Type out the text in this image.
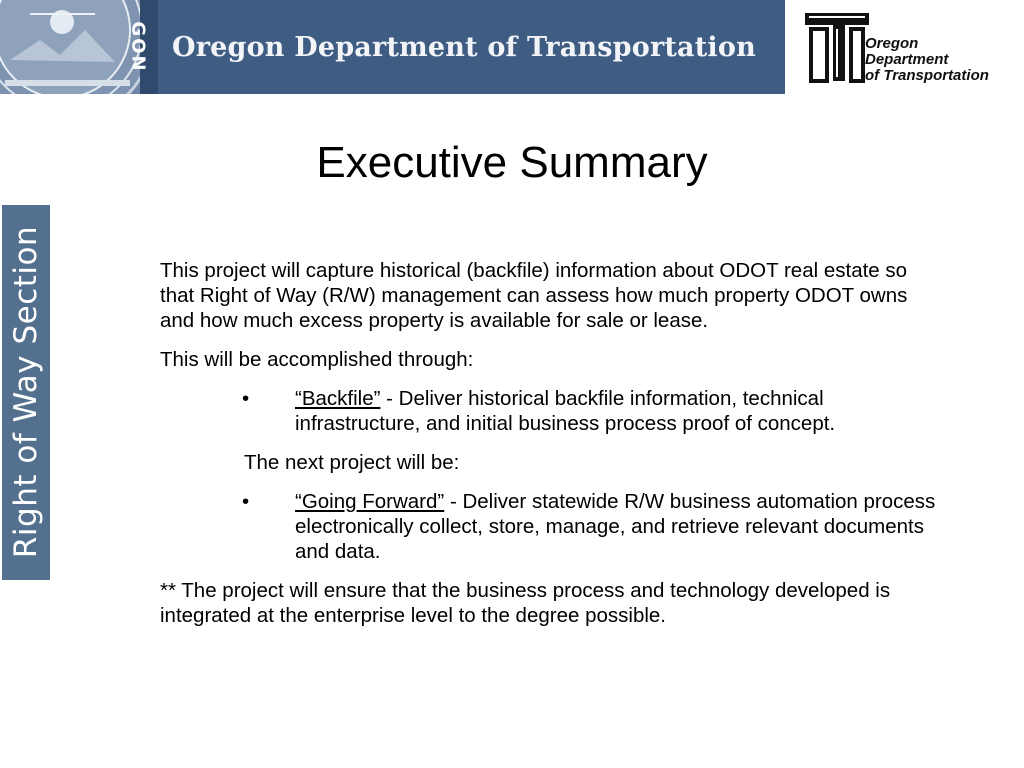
GON Oregon Department of Transportation	Oregon
Department
of Transportation
Right of Way Section
Executive Summary

This project will capture historical (backfile) information about ODOT real estate so that Right of Way (R/W) management can assess how much property ODOT owns and how much excess property is available for sale or lease.

This will be accomplished through:

• “Backfile” - Deliver historical backfile information, technical infrastructure, and initial business process proof of concept.

The next project will be:

• “Going Forward” - Deliver statewide R/W business automation process electronically collect, store, manage, and retrieve relevant documents and data.

** The project will ensure that the business process and technology developed is integrated at the enterprise level to the degree possible.
